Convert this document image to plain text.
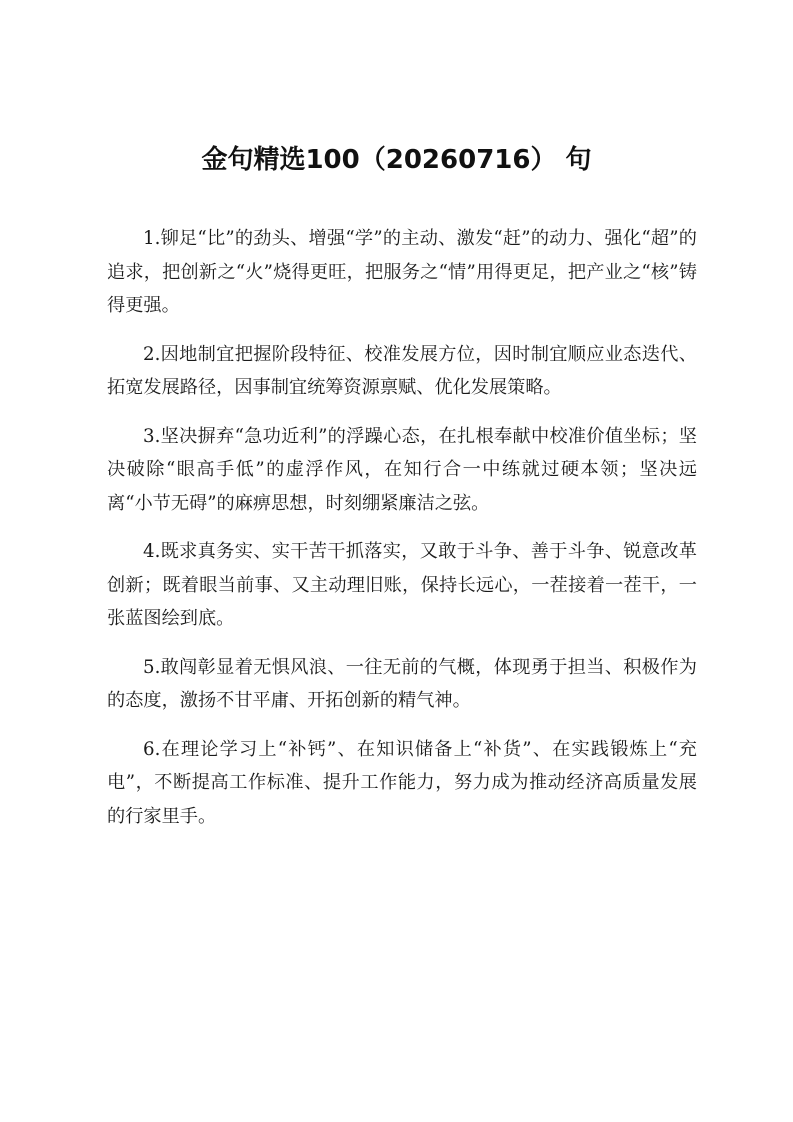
金句精选100（20260716） 句

1.铆足“比”的劲头、增强“学”的主动、激发“赶”的动力、强化“超”的追求，把创新之“火”烧得更旺，把服务之“情”用得更足，把产业之“核”铸得更强。

2.因地制宜把握阶段特征、校准发展方位，因时制宜顺应业态迭代、拓宽发展路径，因事制宜统筹资源禀赋、优化发展策略。

3.坚决摒弃“急功近利”的浮躁心态，在扎根奉献中校准价值坐标；坚决破除“眼高手低”的虚浮作风，在知行合一中练就过硬本领；坚决远离“小节无碍”的麻痹思想，时刻绷紧廉洁之弦。

4.既求真务实、实干苦干抓落实，又敢于斗争、善于斗争、锐意改革创新；既着眼当前事、又主动理旧账，保持长远心，一茬接着一茬干，一张蓝图绘到底。

5.敢闯彰显着无惧风浪、一往无前的气概，体现勇于担当、积极作为的态度，激扬不甘平庸、开拓创新的精气神。

6.在理论学习上“补钙”、在知识储备上“补货”、在实践锻炼上“充电”，不断提高工作标准、提升工作能力，努力成为推动经济高质量发展的行家里手。
